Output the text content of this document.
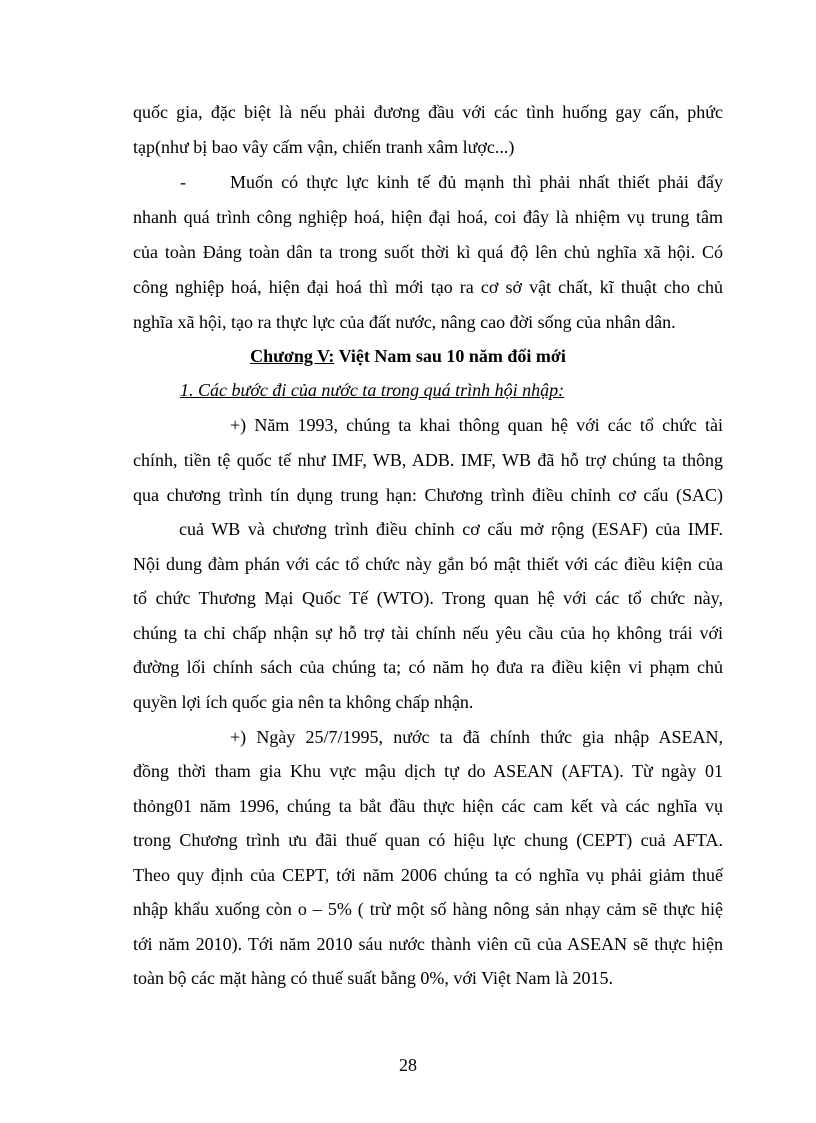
quốc gia, đặc biệt là nếu phải đương đầu với các tình huống gay cấn, phức
tạp(như bị bao vây cấm vận, chiến tranh xâm lược...)
- Muốn có thực lực kinh tế đủ mạnh thì phải nhất thiết phải đẩy
nhanh quá trình công nghiệp hoá, hiện đại hoá, coi đây là nhiệm vụ trung tâm
của toàn Đảng toàn dân ta trong suốt thời kì quá độ lên chủ nghĩa xã hội. Có
công nghiệp hoá, hiện đại hoá thì mới tạo ra cơ sở vật chất, kĩ thuật cho chủ
nghĩa xã hội, tạo ra thực lực của đất nước, nâng cao đời sống của nhân dân.
Chương V: Việt Nam sau 10 năm đổi mới
1. Các bước đi của nước ta trong quá trình hội nhập:
+) Năm 1993, chúng ta khai thông quan hệ với các tổ chức tài
chính, tiền tệ quốc tế như IMF, WB, ADB. IMF, WB đã hỗ trợ chúng ta thông
qua chương trình tín dụng trung hạn: Chương trình điều chỉnh cơ cấu (SAC)
cuả WB và chương trình điều chỉnh cơ cấu mở rộng (ESAF) của IMF.
Nội dung đàm phán với các tổ chức này gắn bó mật thiết với các điều kiện của
tổ chức Thương Mại Quốc Tế (WTO). Trong quan hệ với các tổ chức này,
chúng ta chỉ chấp nhận sự hỗ trợ tài chính nếu yêu cầu của họ không trái với
đường lối chính sách của chúng ta; có năm họ đưa ra điều kiện vi phạm chủ
quyền lợi ích quốc gia nên ta không chấp nhận.
+) Ngày 25/7/1995, nước ta đã chính thức gia nhập ASEAN,
đồng thời tham gia Khu vực mậu dịch tự do ASEAN (AFTA). Từ ngày 01
thỏng01 năm 1996, chúng ta bắt đầu thực hiện các cam kết và các nghĩa vụ
trong Chương trình ưu đãi thuế quan có hiệu lực chung (CEPT) cuả AFTA.
Theo quy định của CEPT, tới năm 2006 chúng ta có nghĩa vụ phải giảm thuế
nhập khẩu xuống còn o – 5% ( trừ một số hàng nông sản nhạy cảm sẽ thực hiệ
tới năm 2010). Tới năm 2010 sáu nước thành viên cũ của ASEAN sẽ thực hiện
toàn bộ các mặt hàng có thuế suất bằng 0%, với Việt Nam là 2015.
28
